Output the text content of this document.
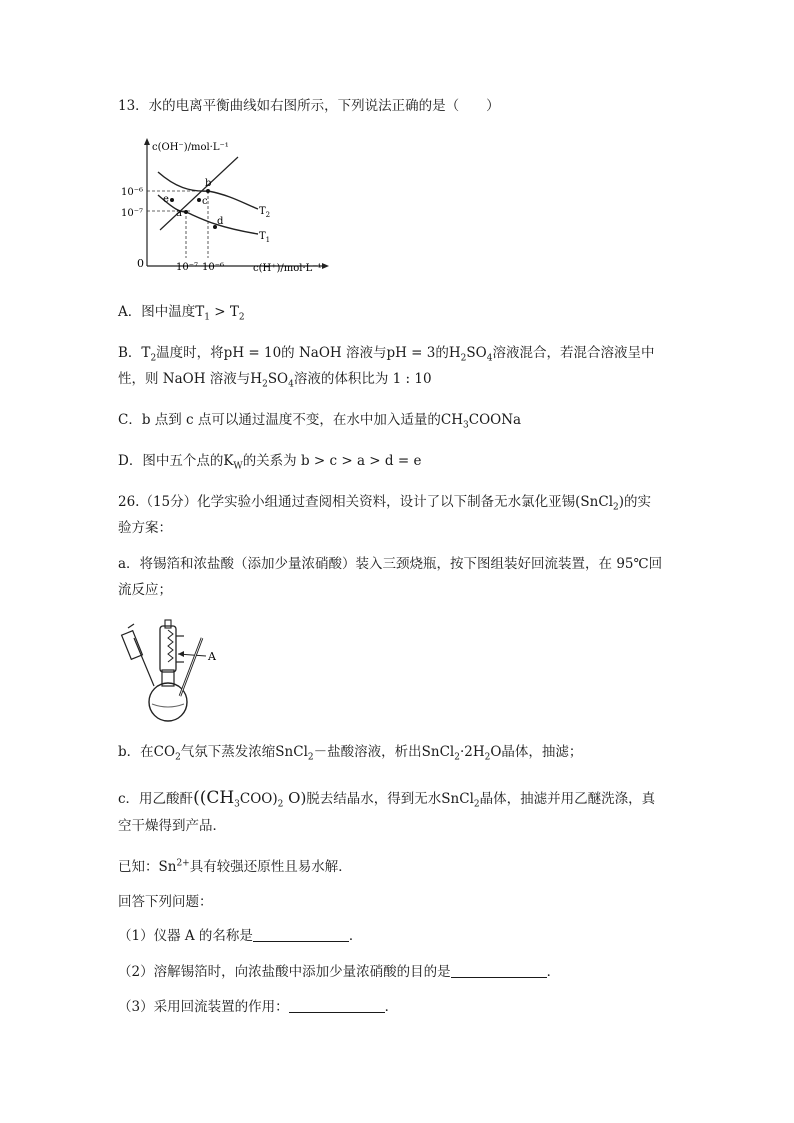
13．水的电离平衡曲线如右图所示，下列说法正确的是（　　）
c(OH⁻)/mol·L⁻¹
c(H⁺)/mol·L⁻¹
0
10⁻⁶
10⁻⁷
10⁻⁷ 10⁻⁶
$T_2$
$T_1$
b
a
c
d
e
A．图中温度$T_1 > T_2$
B．$T_2$温度时，将pH = 10的 NaOH 溶液与pH = 3的$H_2SO_4$溶液混合，若混合溶液呈中
性，则 NaOH 溶液与$H_2SO_4$溶液的体积比为 1 : 10
C．b 点到 c 点可以通过温度不变，在水中加入适量的$CH_3COONa$
D．图中五个点的$K_W$的关系为 b > c > a > d = e
26.（15分）化学实验小组通过查阅相关资料，设计了以下制备无水氯化亚锡(SnCl$_2$)的实
验方案：
a．将锡箔和浓盐酸（添加少量浓硝酸）装入三颈烧瓶，按下图组装好回流装置，在 95℃回
流反应；
A
b．在$CO_2$气氛下蒸发浓缩SnCl$_2$－盐酸溶液，析出$SnCl_2\cdot 2H_2O$晶体，抽滤；
c．用乙酸酐($(CH_3COO)_2$ O)脱去结晶水，得到无水SnCl$_2$晶体，抽滤并用乙醚洗涤，真
空干燥得到产品．
已知：$Sn^{2+}$具有较强还原性且易水解．
回答下列问题：
（1）仪器 A 的名称是	．
（2）溶解锡箔时，向浓盐酸中添加少量浓硝酸的目的是	．
（3）采用回流装置的作用：	．
